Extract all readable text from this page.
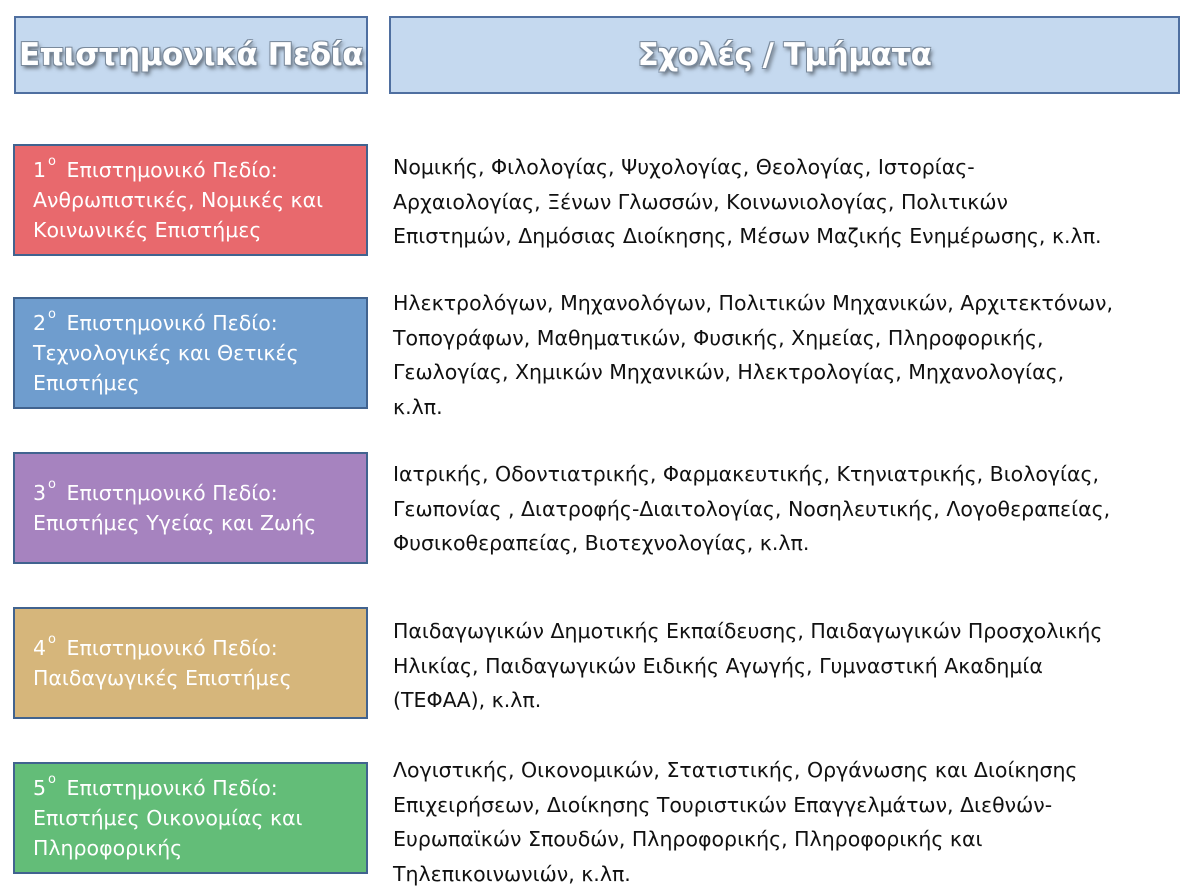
Επιστημονικά Πεδία	Σχολές / Τμήματα
1 $^o$ Επιστημονικό Πεδίο:
Ανθρωπιστικές, Νομικές και
Κοινωνικές Επιστήμες
Νομικής, Φιλολογίας, Ψυχολογίας, Θεολογίας, Ιστορίας-
Αρχαιολογίας, Ξένων Γλωσσών, Κοινωνιολογίας, Πολιτικών
Επιστημών, Δημόσιας Διοίκησης, Μέσων Μαζικής Ενημέρωσης, κ.λπ.
2 $^o$ Επιστημονικό Πεδίο:
Τεχνολογικές και Θετικές
Επιστήμες
Ηλεκτρολόγων, Μηχανολόγων, Πολιτικών Μηχανικών, Αρχιτεκτόνων,
Τοπογράφων, Μαθηματικών, Φυσικής, Χημείας, Πληροφορικής,
Γεωλογίας, Χημικών Μηχανικών, Ηλεκτρολογίας, Μηχανολογίας,
κ.λπ.
3 $^o$ Επιστημονικό Πεδίο:
Επιστήμες Υγείας και Ζωής
Ιατρικής, Οδοντιατρικής, Φαρμακευτικής, Κτηνιατρικής, Βιολογίας,
Γεωπονίας , Διατροφής-Διαιτολογίας, Νοσηλευτικής, Λογοθεραπείας,
Φυσικοθεραπείας, Βιοτεχνολογίας, κ.λπ.
4 $^o$ Επιστημονικό Πεδίο:
Παιδαγωγικές Επιστήμες
Παιδαγωγικών Δημοτικής Εκπαίδευσης, Παιδαγωγικών Προσχολικής
Ηλικίας, Παιδαγωγικών Ειδικής Αγωγής, Γυμναστική Ακαδημία
(ΤΕΦΑΑ), κ.λπ.
5 $^o$ Επιστημονικό Πεδίο:
Επιστήμες Οικονομίας και
Πληροφορικής
Λογιστικής, Οικονομικών, Στατιστικής, Οργάνωσης και Διοίκησης
Επιχειρήσεων, Διοίκησης Τουριστικών Επαγγελμάτων, Διεθνών-
Ευρωπαϊκών Σπουδών, Πληροφορικής, Πληροφορικής και
Τηλεπικοινωνιών, κ.λπ.
